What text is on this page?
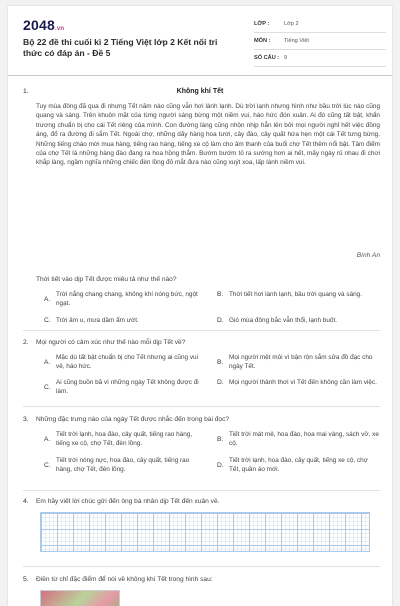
2048.vn
Bộ 22 đề thi cuối kì 2 Tiếng Việt lớp 2 Kết nối tri thức có đáp án - Đề 5
LỚP :	Lớp 2
MÔN :	Tiếng Việt
SỐ CÂU : 9
1.	Không khí Tết
Tuy mùa đông đã qua đi nhưng Tết năm nào cũng vẫn hơi lành lạnh. Dù trời lạnh nhưng hình như bầu trời lúc nào cũng quang và sáng. Trên khuôn mặt của từng người sáng bừng một niềm vui, háo hức đón xuân. Ai đó cũng tất bật, khẩn trương chuẩn bị cho cái Tết riêng của mình. Con đường làng cũng nhộn nhịp hẳn lên bởi mọi người nghỉ hết việc đồng áng, đổ ra đường đi sắm Tết. Ngoài chợ, những dãy hàng hoa tươi, cây đào, cây quất hứa hẹn một cái Tết tưng bừng. Những tiếng chào mời mua hàng, tiếng rao hàng, tiếng xe cộ làm cho âm thanh của buổi chợ Tết thêm nổi bật. Tâm điểm của chợ Tết là những hàng đào đang ra hoa hồng thắm. Bướm bướm tỏ ra sướng hơn ai hết, mấy ngày rủ nhau đi chơi khắp làng, ngầm nghĩa những chiếc đèn lồng đỏ mắt đưa nào cũng xuýt xoa, lấp lánh niềm vui.
Bình An
Thời tiết vào dịp Tết được miêu tả như thế nào?
A.
Trời nắng chang chang, không khí nóng bức, ngột ngạt.
B. Thời tiết hơi lành lạnh, bầu trời quang và sáng.
C. Trời âm u, mưa dầm ẩm ướt.	D. Gió mùa đông bắc vẫn thổi, lạnh buốt.
2. Mọi người có cảm xúc như thế nào mỗi dịp Tết về?
A.
Mặc dù tất bật chuẩn bị cho Tết nhưng ai cũng vui vẻ, háo hức.
B.
Mọi người mệt mỏi vì bận rộn sắm sửa đồ đạc cho ngày Tết.
C.
Ai cũng buồn bã vì những ngày Tết không được đi làm.
D. Mọi người thảnh thơi vì Tết đến không cần làm việc.
3. Những đặc trưng nào của ngày Tết được nhắc đến trong bài đọc?
A.
Tiết trời lạnh, hoa đào, cây quất, tiếng rao hàng, tiếng xe cộ, chợ Tết, đèn lồng.
B.
Tiết trời mát mẻ, hoa đào, hoa mai vàng, sách vở, xe cộ.
C.
Tiết trời nóng nực, hoa đào, cây quất, tiếng rao hàng, chợ Tết, đèn lồng.
D.
Tiết trời lạnh, hoa đào, cây quất, tiếng xe cộ, chợ Tết, quần áo mới.
4. Em hãy viết lời chúc gửi đến ông bà nhân dịp Tết đến xuân về.
5. Điền từ chỉ đặc điểm để nói về không khí Tết trong hình sau:
